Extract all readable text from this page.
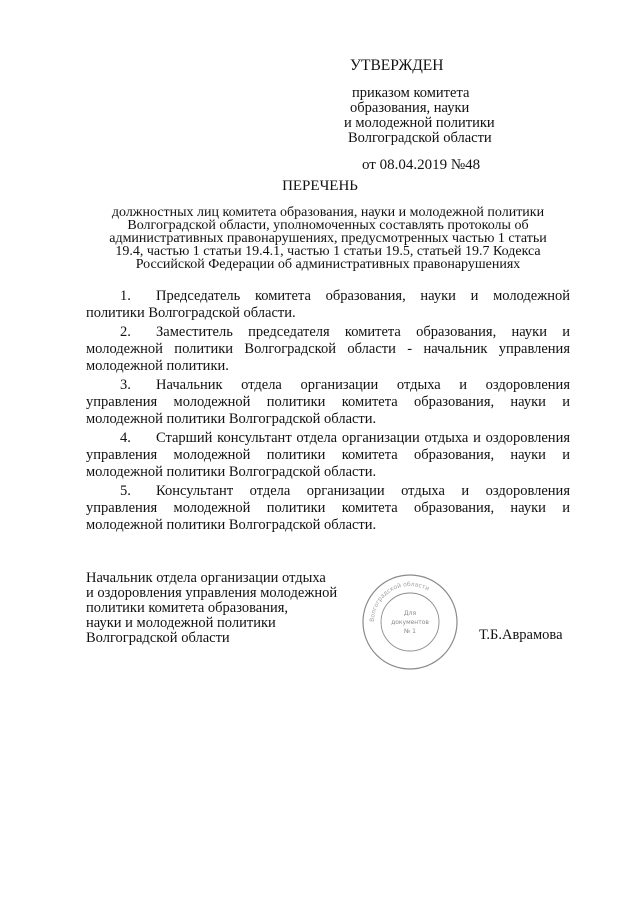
УТВЕРЖДЕН
приказом комитета
образования, науки
и молодежной политики
Волгоградской области
от 08.04.2019 №48
ПЕРЕЧЕНЬ
должностных лиц комитета образования, науки и молодежной политики
Волгоградской области, уполномоченных составлять протоколы об
административных правонарушениях, предусмотренных частью 1 статьи
19.4, частью 1 статьи 19.4.1, частью 1 статьи 19.5, статьей 19.7 Кодекса
Российской Федерации об административных правонарушениях
1. Председатель комитета образования, науки и молодежной политики Волгоградской области.
2. Заместитель председателя комитета образования, науки и молодежной политики Волгоградской области - начальник управления молодежной политики.
3. Начальник отдела организации отдыха и оздоровления управления молодежной политики комитета образования, науки и молодежной политики Волгоградской области.
4. Старший консультант отдела организации отдыха и оздоровления управления молодежной политики комитета образования, науки и молодежной политики Волгоградской области.
5. Консультант отдела организации отдыха и оздоровления управления молодежной политики комитета образования, науки и молодежной политики Волгоградской области.
Начальник отдела организации отдыха
и оздоровления управления молодежной
политики комитета образования,
науки и молодежной политики
Волгоградской области
Волгоградской области
Для
документов
№ 1	Т.Б.Аврамова
